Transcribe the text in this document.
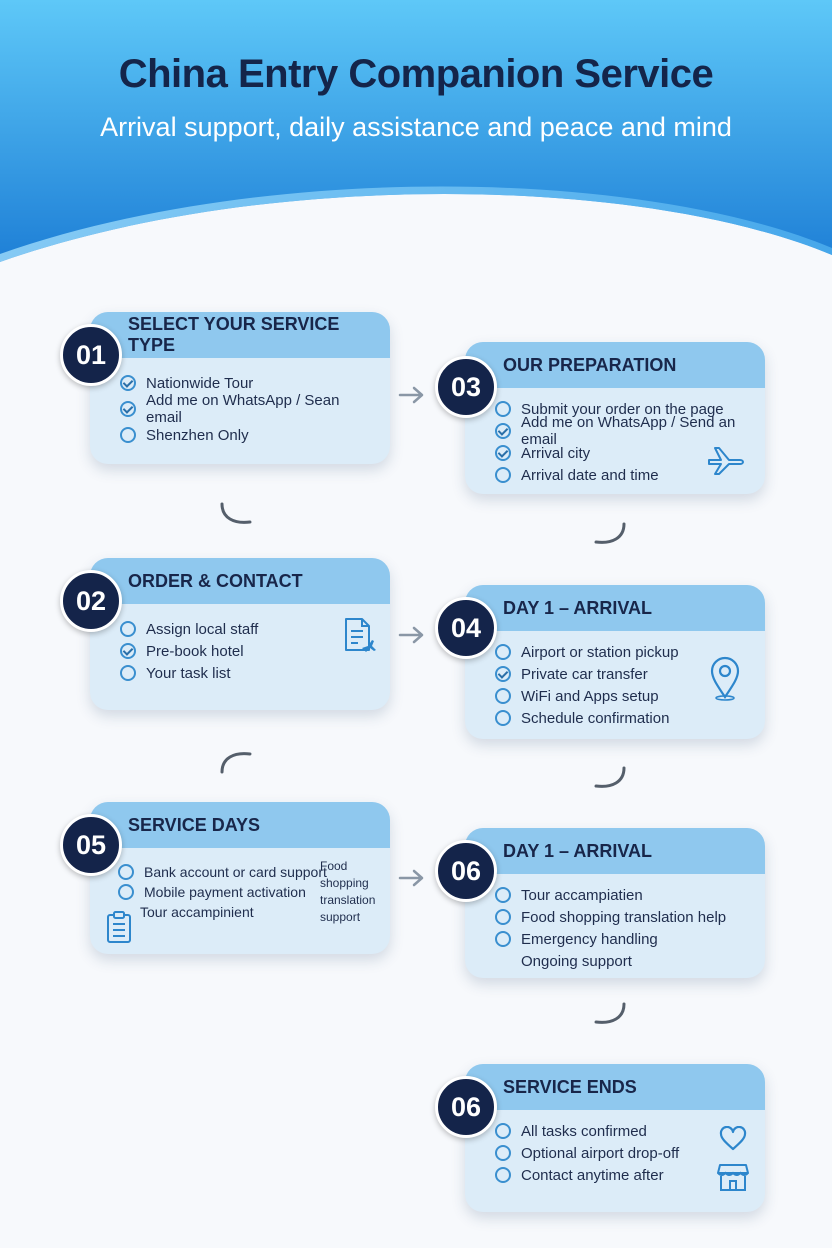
China Entry Companion Service
Arrival support, daily assistance and peace and mind
SELECT YOUR SERVICE TYPE
Nationwide Tour
Add me on WhatsApp / Sean email
Shenzhen Only
01	OUR PREPARATION
Submit your order on the page
Add me on WhatsApp / Send an email
Arrival city
Arrival date and time
03
ORDER & CONTACT
Assign local staff
Pre-book hotel
Your task list
02	DAY 1 – ARRIVAL
Airport or station pickup
Private car transfer
WiFi and Apps setup
Schedule confirmation
04
SERVICE DAYS
Bank account or card support
Mobile payment activation
Tour accampinient
Food
shopping
translation
support
05	DAY 1 – ARRIVAL
Tour accampiatien
Food shopping translation help
Emergency handling
Ongoing support
06
SERVICE ENDS
All tasks confirmed
Optional airport drop-off
Contact anytime after
06
